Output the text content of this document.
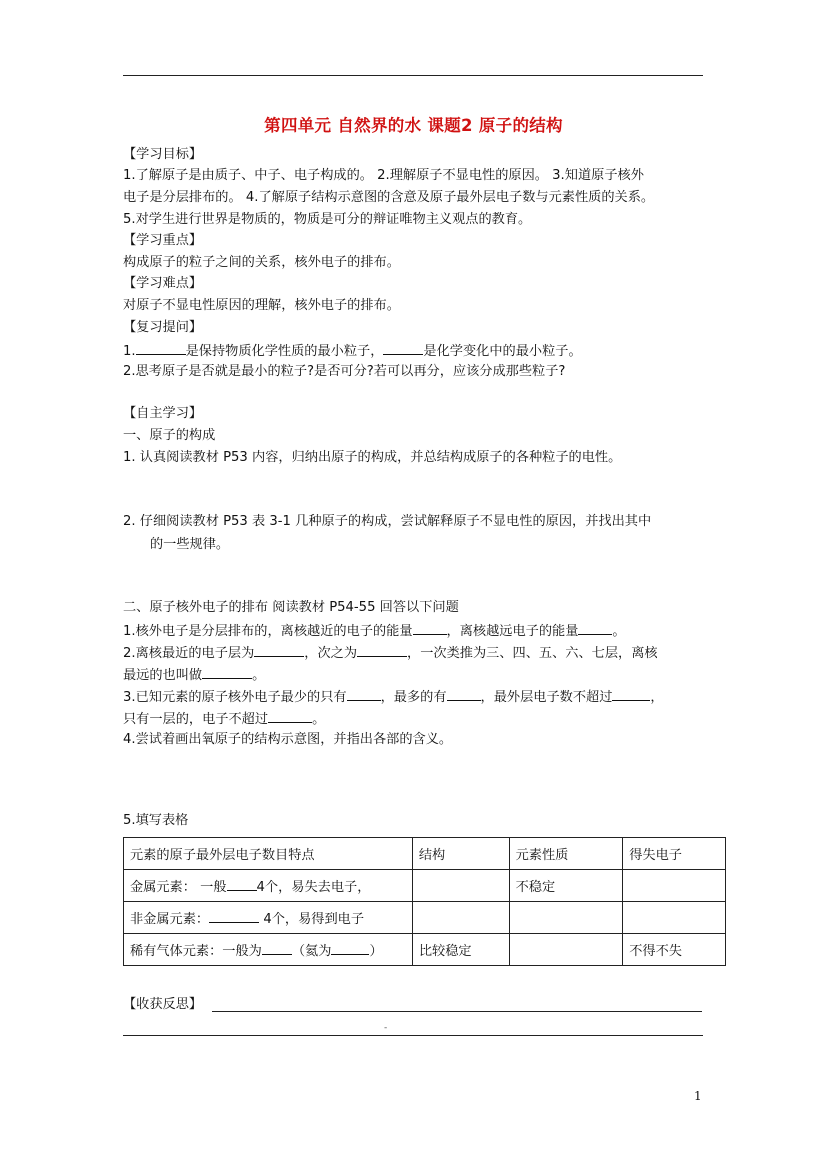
第四单元 自然界的水 课题2 原子的结构
【学习目标】
1.了解原子是由质子、中子、电子构成的。 2.理解原子不显电性的原因。 3.知道原子核外
电子是分层排布的。 4.了解原子结构示意图的含意及原子最外层电子数与元素性质的关系。
5.对学生进行世界是物质的，物质是可分的辩证唯物主义观点的教育。
【学习重点】
构成原子的粒子之间的关系，核外电子的排布。
【学习难点】
对原子不显电性原因的理解，核外电子的排布。
【复习提问】
1.	是保持物质化学性质的最小粒子，	是化学变化中的最小粒子。
2.思考原子是否就是最小的粒子?是否可分?若可以再分，应该分成那些粒子?
【自主学习】
一、原子的构成
1. 认真阅读教材 P53 内容，归纳出原子的构成，并总结构成原子的各种粒子的电性。
2. 仔细阅读教材 P53 表 3-1 几种原子的构成，尝试解释原子不显电性的原因，并找出其中
的一些规律。
二、原子核外电子的排布 阅读教材 P54-55 回答以下问题
1.核外电子是分层排布的，离核越近的电子的能量	，离核越远电子的能量	。
2.离核最近的电子层为	，次之为	，一次类推为三、四、五、六、七层，离核
最远的也叫做	。
3.已知元素的原子核外电子最少的只有	，最多的有	，最外层电子数不超过	，
只有一层的，电子不超过	。
4.尝试着画出氧原子的结构示意图，并指出各部的含义。
5.填写表格
元素的原子最外层电子数目特点	结构	元素性质	得失电子
金属元素： 一般 4个，易失去电子，		不稳定	
非金属元素： 4个，易得到电子			
稀有气体元素：一般为 （氦为 ）	比较稳定		不得不失
【收获反思】
-
1
